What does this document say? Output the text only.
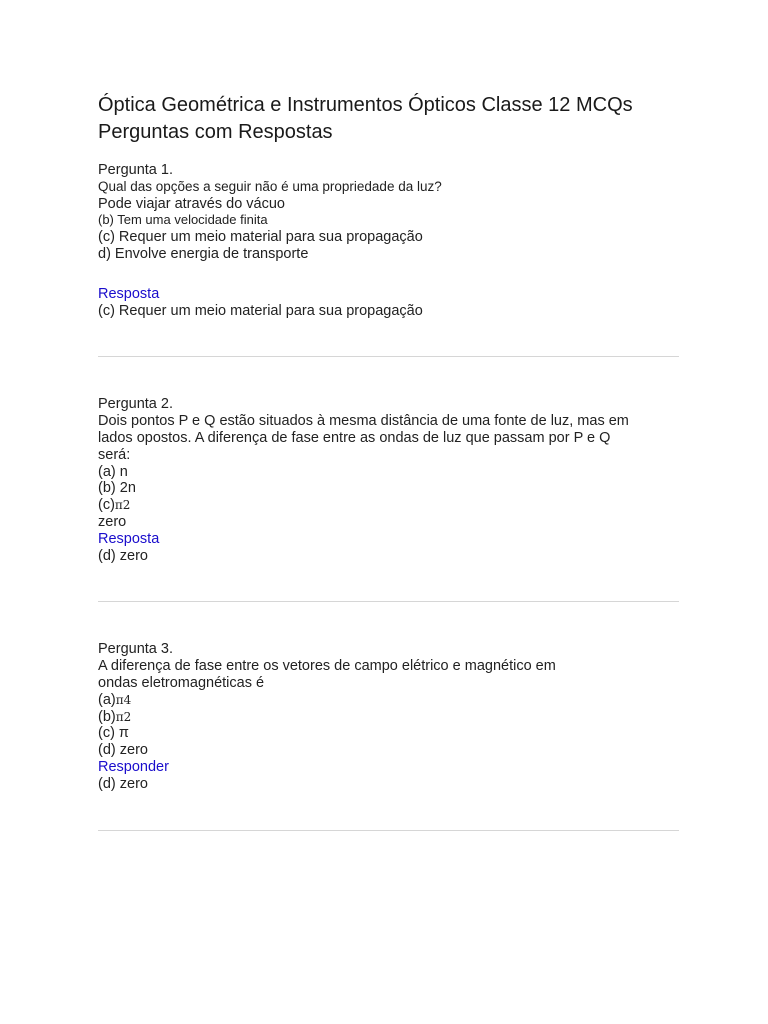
Óptica Geométrica e Instrumentos Ópticos Classe 12 MCQs
Perguntas com Respostas
Pergunta 1.
Qual das opções a seguir não é uma propriedade da luz?
Pode viajar através do vácuo
(b) Tem uma velocidade finita
(c) Requer um meio material para sua propagação
d) Envolve energia de transporte
Resposta
(c) Requer um meio material para sua propagação
Pergunta 2.
Dois pontos P e Q estão situados à mesma distância de uma fonte de luz, mas em
lados opostos. A diferença de fase entre as ondas de luz que passam por P e Q
será:
(a) n
(b) 2n
(c)π2
zero
Resposta
(d) zero
Pergunta 3.
A diferença de fase entre os vetores de campo elétrico e magnético em
ondas eletromagnéticas é
(a)π4
(b)π2
(c) π
(d) zero
Responder
(d) zero
